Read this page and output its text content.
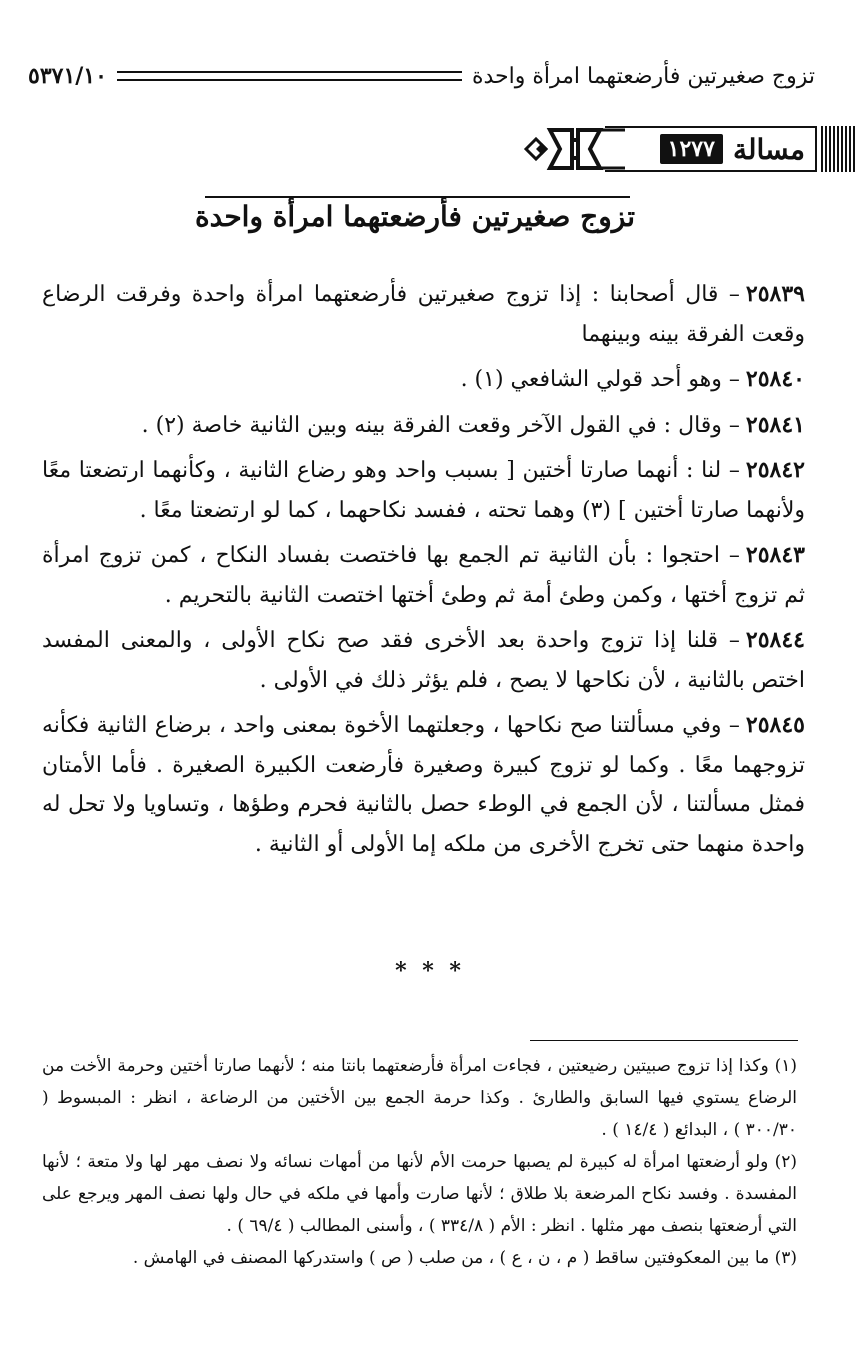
تزوج صغيرتين فأرضعتهما امرأة واحدة
٥٣٧١/١٠
مسالة
١٢٧٧
تزوج صغيرتين فأرضعتهما امرأة واحدة

٢٥٨٣٩– قال أصحابنا : إذا تزوج صغيرتين فأرضعتهما امرأة واحدة وفرقت الرضاع وقعت الفرقة بينه وبينهما

٢٥٨٤٠– وهو أحد قولي الشافعي (١) .

٢٥٨٤١– وقال : في القول الآخر وقعت الفرقة بينه وبين الثانية خاصة (٢) .

٢٥٨٤٢– لنا : أنهما صارتا أختين [ بسبب واحد وهو رضاع الثانية ، وكأنهما ارتضعتا معًا ولأنهما صارتا أختين ] (٣) وهما تحته ، ففسد نكاحهما ، كما لو ارتضعتا معًا .

٢٥٨٤٣– احتجوا : بأن الثانية تم الجمع بها فاختصت بفساد النكاح ، كمن تزوج امرأة ثم تزوج أختها ، وكمن وطئ أمة ثم وطئ أختها اختصت الثانية بالتحريم .

٢٥٨٤٤– قلنا إذا تزوج واحدة بعد الأخرى فقد صح نكاح الأولى ، والمعنى المفسد اختص بالثانية ، لأن نكاحها لا يصح ، فلم يؤثر ذلك في الأولى .

٢٥٨٤٥– وفي مسألتنا صح نكاحها ، وجعلتهما الأخوة بمعنى واحد ، برضاع الثانية فكأنه تزوجهما معًا . وكما لو تزوج كبيرة وصغيرة فأرضعت الكبيرة الصغيرة . فأما الأمتان فمثل مسألتنا ، لأن الجمع في الوطء حصل بالثانية فحرم وطؤها ، وتساويا ولا تحل له واحدة منهما حتى تخرج الأخرى من ملكه إما الأولى أو الثانية .

* * *

(١) وكذا إذا تزوج صبيتين رضيعتين ، فجاءت امرأة فأرضعتهما بانتا منه ؛ لأنهما صارتا أختين وحرمة الأخت من الرضاع يستوي فيها السابق والطارئ . وكذا حرمة الجمع بين الأختين من الرضاعة ، انظر : المبسوط ( ٣٠٠/٣٠ ) ، البدائع ( ١٤/٤ ) .

(٢) ولو أرضعتها امرأة له كبيرة لم يصبها حرمت الأم لأنها من أمهات نسائه ولا نصف مهر لها ولا متعة ؛ لأنها المفسدة . وفسد نكاح المرضعة بلا طلاق ؛ لأنها صارت وأمها في ملكه في حال ولها نصف المهر ويرجع على التي أرضعتها بنصف مهر مثلها . انظر : الأم ( ٣٣٤/٨ ) ، وأسنى المطالب ( ٦٩/٤ ) .

(٣) ما بين المعكوفتين ساقط ( م ، ن ، ع ) ، من صلب ( ص ) واستدركها المصنف في الهامش .
